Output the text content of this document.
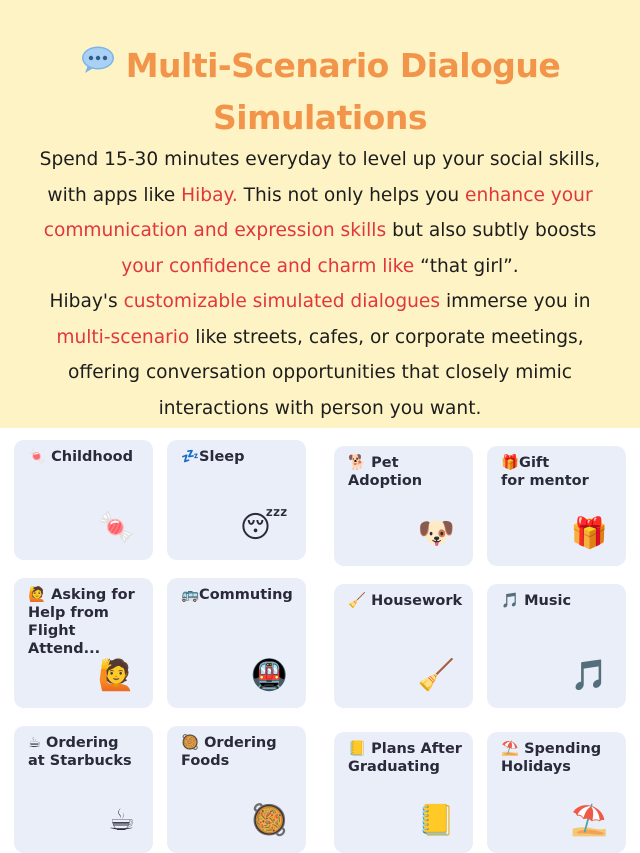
Multi-Scenario Dialogue
Simulations
Spend 15-30 minutes everyday to level up your social skills,
with apps like Hibay. This not only helps you enhance your
communication and expression skills but also subtly boosts
your confidence and charm like “that girl”.
Hibay's customizable simulated dialogues immerse you in
multi-scenario like streets, cafes, or corporate meetings,
offering conversation opportunities that closely mimic
interactions with person you want.
🍬 Childhood
🍬
💤Sleep
😴
🐕 Pet
Adoption
🐶
🎁Gift
for mentor
🎁
🙋 Asking for
Help from
Flight Attend...
🙋
🚌Commuting
🚇
🧹 Housework
🧹
🎵 Music
🎵
☕ Ordering
at Starbucks
☕
🥘 Ordering
Foods
🥘
📒 Plans After
Graduating
📒
⛱️ Spending
Holidays
⛱️
